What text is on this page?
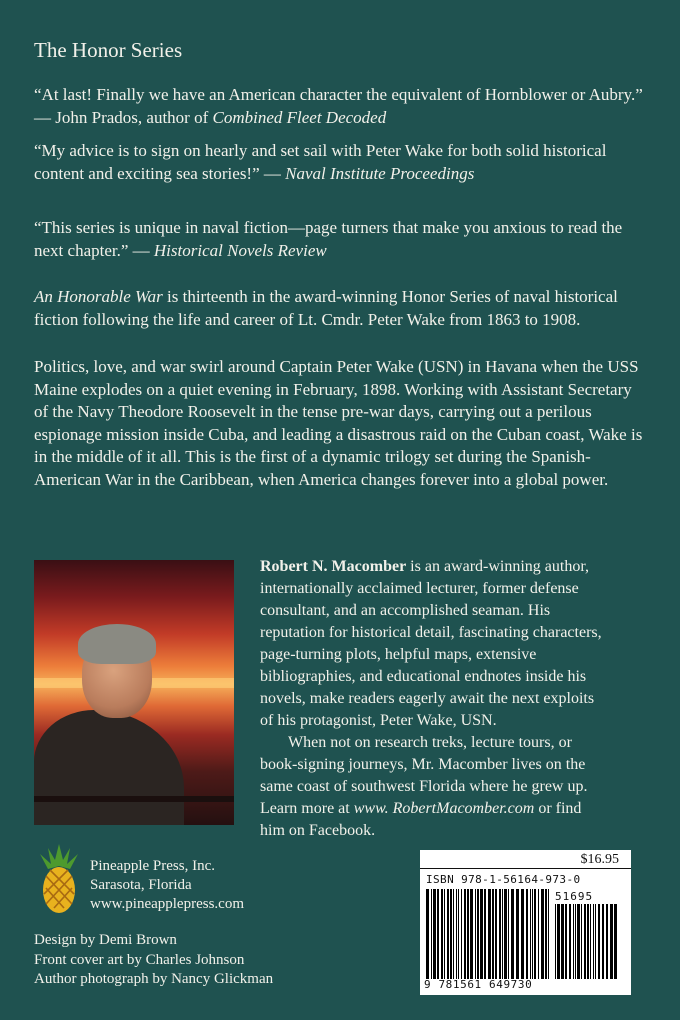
The Honor Series
“At last! Finally we have an American character the equivalent of Hornblower or Aubry.” — John Prados, author of Combined Fleet Decoded
“My advice is to sign on hearly and set sail with Peter Wake for both solid historical content and exciting sea stories!” — Naval Institute Proceedings
“This series is unique in naval fiction—page turners that make you anxious to read the next chapter.” — Historical Novels Review
An Honorable War is thirteenth in the award-winning Honor Series of naval historical fiction following the life and career of Lt. Cmdr. Peter Wake from 1863 to 1908.
Politics, love, and war swirl around Captain Peter Wake (USN) in Havana when the USS Maine explodes on a quiet evening in February, 1898. Working with Assistant Secretary of the Navy Theodore Roosevelt in the tense pre-war days, carrying out a perilous espionage mission inside Cuba, and leading a disastrous raid on the Cuban coast, Wake is in the middle of it all. This is the first of a dynamic trilogy set during the Spanish-American War in the Caribbean, when America changes forever into a global power.

Robert N. Macomber is an award-winning author, internationally acclaimed lecturer, former defense consultant, and an accomplished seaman. His reputation for historical detail, fascinating characters, page-turning plots, helpful maps, extensive bibliographies, and educational endnotes inside his novels, make readers eagerly await the next exploits of his protagonist, Peter Wake, USN.

When not on research treks, lecture tours, or book-signing journeys, Mr. Macomber lives on the same coast of southwest Florida where he grew up. Learn more at www. RobertMacomber.com or find him on Facebook.

Pineapple Press, Inc.
Sarasota, Florida
www.pineapplepress.com
Design by Demi Brown
Front cover art by Charles Johnson
Author photograph by Nancy Glickman
$16.95
ISBN 978-1-56164-973-0
51695
9 781561 649730
